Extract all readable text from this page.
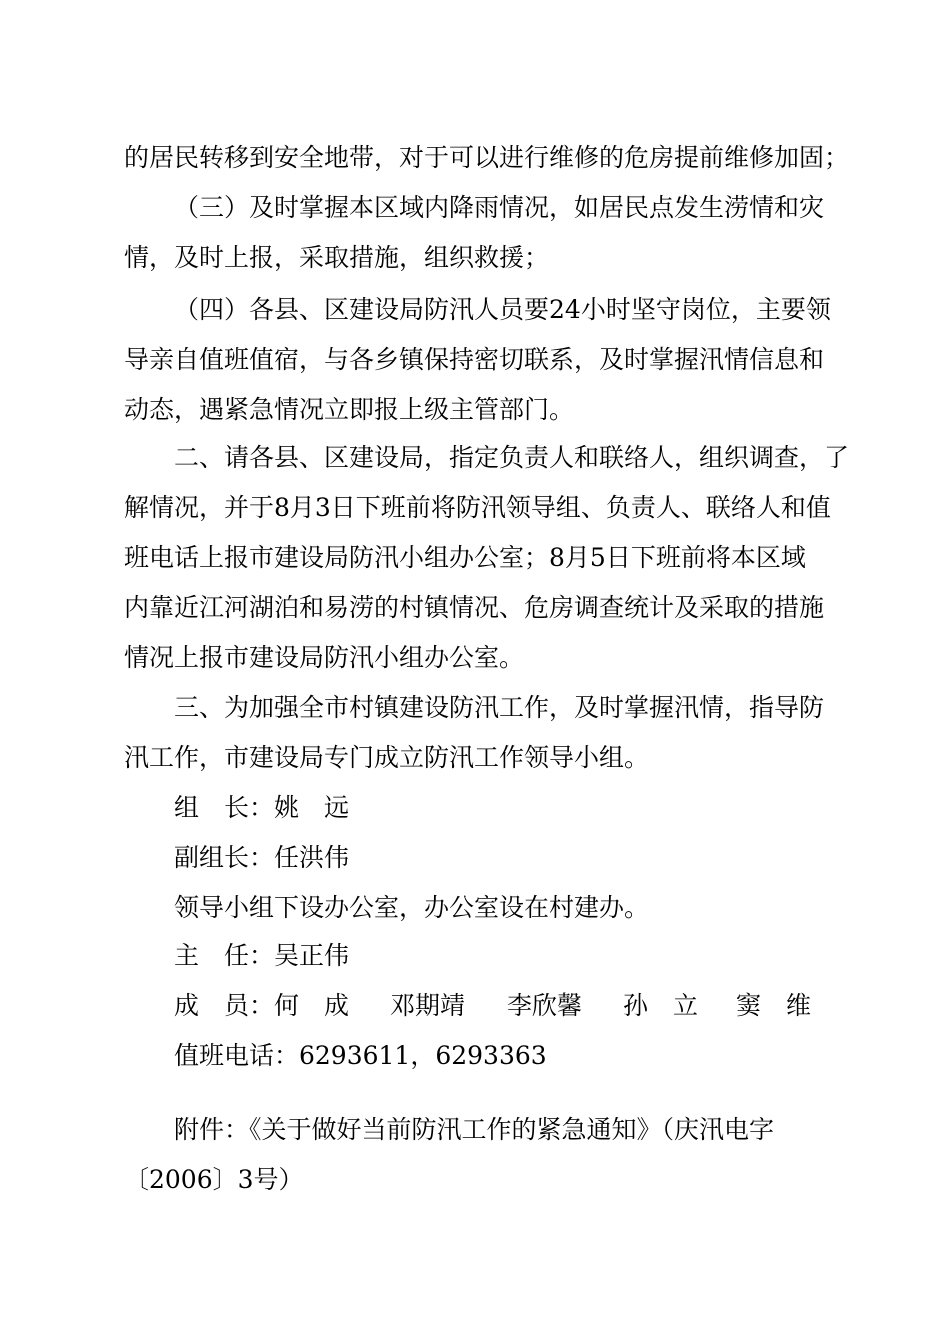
的居民转移到安全地带，对于可以进行维修的危房提前维修加固；
（三）及时掌握本区域内降雨情况，如居民点发生涝情和灾
情，及时上报，采取措施，组织救援；
（四）各县、区建设局防汛人员要24小时坚守岗位，主要领
导亲自值班值宿，与各乡镇保持密切联系，及时掌握汛情信息和
动态，遇紧急情况立即报上级主管部门。
二、请各县、区建设局，指定负责人和联络人，组织调查，了
解情况，并于8月3日下班前将防汛领导组、负责人、联络人和值
班电话上报市建设局防汛小组办公室；8月5日下班前将本区域
内靠近江河湖泊和易涝的村镇情况、危房调查统计及采取的措施
情况上报市建设局防汛小组办公室。
三、为加强全市村镇建设防汛工作，及时掌握汛情，指导防
汛工作，市建设局专门成立防汛工作领导小组。
组　长：姚　远
副组长：任洪伟
领导小组下设办公室，办公室设在村建办。
主　任：吴正伟
成　员： 何　成 邓期靖 李欣馨 孙　立 窦　维
值班电话：6293611，6293363
附件：《关于做好当前防汛工作的紧急通知》（庆汛电字
〔2006〕3号）
